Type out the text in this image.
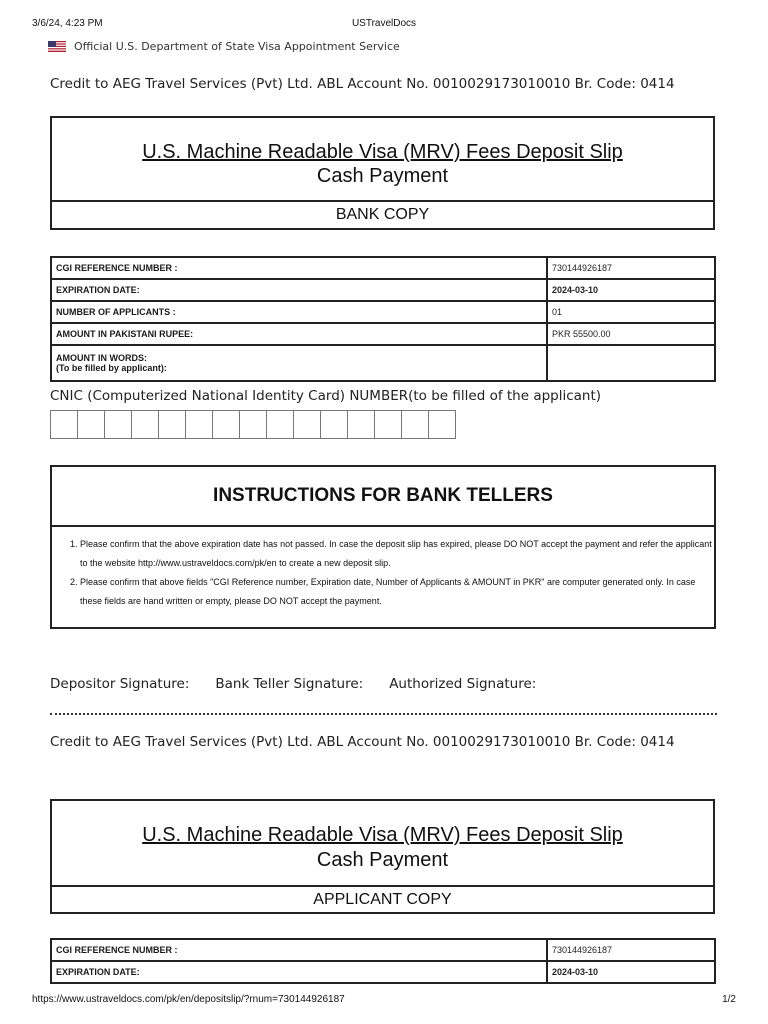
3/6/24, 4:23 PM	USTravelDocs
Official U.S. Department of State Visa Appointment Service
Credit to AEG Travel Services (Pvt) Ltd. ABL Account No. 0010029173010010 Br. Code: 0414
U.S. Machine Readable Visa (MRV) Fees Deposit Slip
Cash Payment
BANK COPY
CGI REFERENCE NUMBER :	730144926187
EXPIRATION DATE:	2024-03-10
NUMBER OF APPLICANTS :	01
AMOUNT IN PAKISTANI RUPEE:	PKR 55500.00

AMOUNT IN WORDS:
(To be filled by applicant):	

CNIC (Computerized National Identity Card) NUMBER(to be filled of the applicant)
INSTRUCTIONS FOR BANK TELLERS
1. Please confirm that the above expiration date has not passed. In case the deposit slip has expired, please DO NOT accept the payment and refer the applicant to the website http://www.ustraveldocs.com/pk/en to create a new deposit slip.
2. Please confirm that above fields "CGI Reference number, Expiration date, Number of Applicants & AMOUNT in PKR" are computer generated only. In case these fields are hand written or empty, please DO NOT accept the payment.
Depositor Signature: Bank Teller Signature: Authorized Signature:
Credit to AEG Travel Services (Pvt) Ltd. ABL Account No. 0010029173010010 Br. Code: 0414
U.S. Machine Readable Visa (MRV) Fees Deposit Slip
Cash Payment
APPLICANT COPY
CGI REFERENCE NUMBER :	730144926187
EXPIRATION DATE:	2024-03-10
https://www.ustraveldocs.com/pk/en/depositslip/?rnum=730144926187	1/2
